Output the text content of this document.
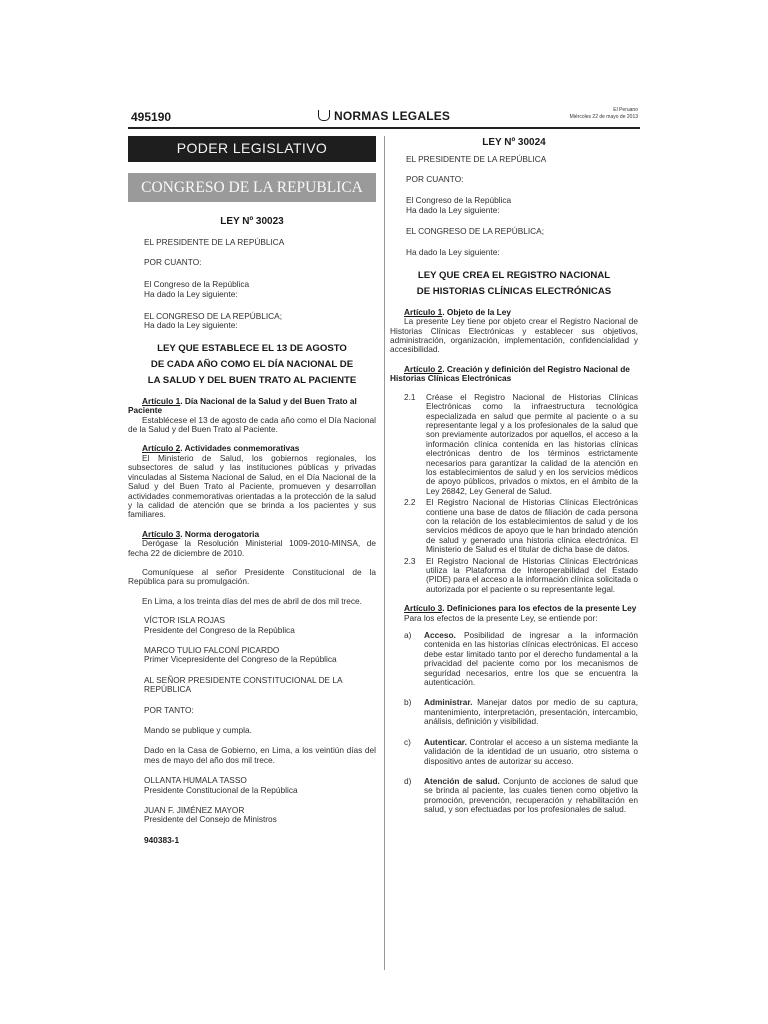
495190	NORMAS LEGALES	El Peruano
Miércoles 22 de mayo de 2013
PODER LEGISLATIVO
CONGRESO DE LA REPUBLICA
LEY Nº 30023
EL PRESIDENTE DE LA REPÚBLICA
POR CUANTO:
El Congreso de la República
Ha dado la Ley siguiente:
EL CONGRESO DE LA REPÚBLICA;
Ha dado la Ley siguiente:
LEY QUE ESTABLECE EL 13 DE AGOSTO
DE CADA AÑO COMO EL DÍA NACIONAL DE
LA SALUD Y DEL BUEN TRATO AL PACIENTE
Artículo 1. Día Nacional de la Salud y del Buen Trato al Paciente
Establécese el 13 de agosto de cada año como el Día Nacional de la Salud y del Buen Trato al Paciente.
Artículo 2. Actividades conmemorativas
El Ministerio de Salud, los gobiernos regionales, los subsectores de salud y las instituciones públicas y privadas vinculadas al Sistema Nacional de Salud, en el Día Nacional de la Salud y del Buen Trato al Paciente, promueven y desarrollan actividades conmemorativas orientadas a la protección de la salud y la calidad de atención que se brinda a los pacientes y sus familiares.
Artículo 3. Norma derogatoria
Derógase la Resolución Ministerial 1009-2010-MINSA, de fecha 22 de diciembre de 2010.
Comuníquese al señor Presidente Constitucional de la República para su promulgación.
En Lima, a los treinta días del mes de abril de dos mil trece.
VÍCTOR ISLA ROJAS
Presidente del Congreso de la República
MARCO TULIO FALCONÍ PICARDO
Primer Vicepresidente del Congreso de la República
AL SEÑOR PRESIDENTE CONSTITUCIONAL DE LA REPÚBLICA
POR TANTO:
Mando se publique y cumpla.
Dado en la Casa de Gobierno, en Lima, a los veintiún días del mes de mayo del año dos mil trece.
OLLANTA HUMALA TASSO
Presidente Constitucional de la República
JUAN F. JIMÉNEZ MAYOR
Presidente del Consejo de Ministros
940383-1
LEY Nº 30024
EL PRESIDENTE DE LA REPÚBLICA
POR CUANTO:
El Congreso de la República
Ha dado la Ley siguiente:
EL CONGRESO DE LA REPÚBLICA;
Ha dado la Ley siguiente:
LEY QUE CREA EL REGISTRO NACIONAL
DE HISTORIAS CLÍNICAS ELECTRÓNICAS
Artículo 1. Objeto de la Ley
La presente Ley tiene por objeto crear el Registro Nacional de Historias Clínicas Electrónicas y establecer sus objetivos, administración, organización, implementación, confidencialidad y accesibilidad.
Artículo 2. Creación y definición del Registro Nacional de Historias Clínicas Electrónicas
2.1	Créase el Registro Nacional de Historias Clínicas Electrónicas como la infraestructura tecnológica especializada en salud que permite al paciente o a su representante legal y a los profesionales de la salud que son previamente autorizados por aquellos, el acceso a la información clínica contenida en las historias clínicas electrónicas dentro de los términos estrictamente necesarios para garantizar la calidad de la atención en los establecimientos de salud y en los servicios médicos de apoyo públicos, privados o mixtos, en el ámbito de la Ley 26842, Ley General de Salud.
2.2	El Registro Nacional de Historias Clínicas Electrónicas contiene una base de datos de filiación de cada persona con la relación de los establecimientos de salud y de los servicios médicos de apoyo que le han brindado atención de salud y generado una historia clínica electrónica. El Ministerio de Salud es el titular de dicha base de datos.
2.3	El Registro Nacional de Historias Clínicas Electrónicas utiliza la Plataforma de Interoperabilidad del Estado (PIDE) para el acceso a la información clínica solicitada o autorizada por el paciente o su representante legal.
Artículo 3. Definiciones para los efectos de la presente Ley
Para los efectos de la presente Ley, se entiende por:
a)	Acceso. Posibilidad de ingresar a la información contenida en las historias clínicas electrónicas. El acceso debe estar limitado tanto por el derecho fundamental a la privacidad del paciente como por los mecanismos de seguridad necesarios, entre los que se encuentra la autenticación.
b)	Administrar. Manejar datos por medio de su captura, mantenimiento, interpretación, presentación, intercambio, análisis, definición y visibilidad.
c)	Autenticar. Controlar el acceso a un sistema mediante la validación de la identidad de un usuario, otro sistema o dispositivo antes de autorizar su acceso.
d)	Atención de salud. Conjunto de acciones de salud que se brinda al paciente, las cuales tienen como objetivo la promoción, prevención, recuperación y rehabilitación en salud, y son efectuadas por los profesionales de salud.
